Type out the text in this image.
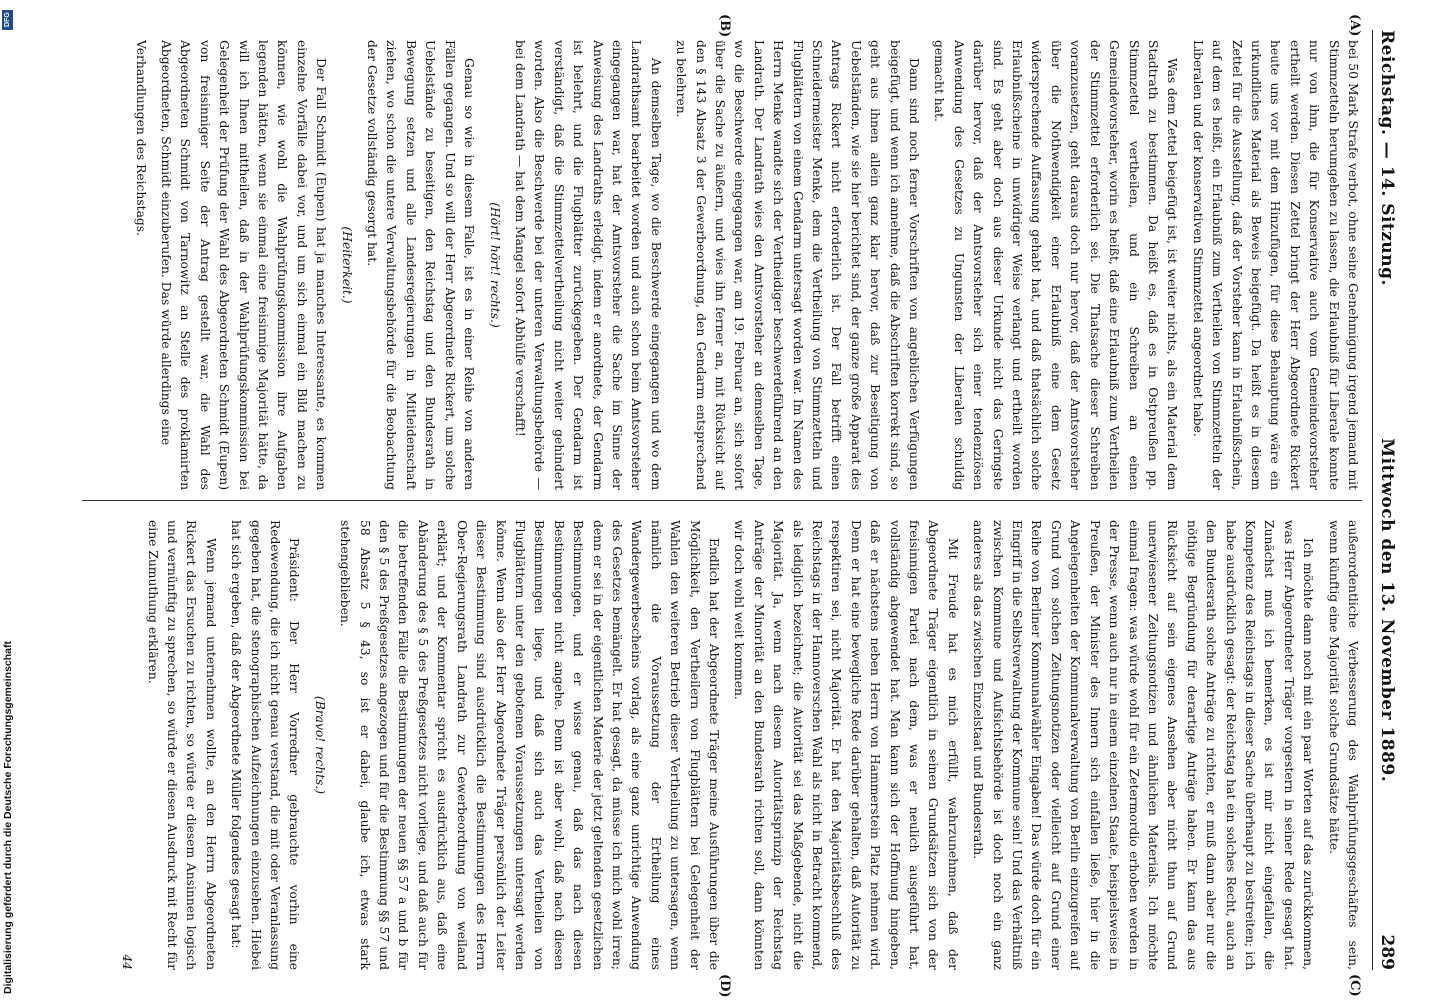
DFG
Digitalisierung gefördert durch die Deutsche Forschungsgemeinschaft
Reichstag. — 14. Sitzung.
Mittwoch den 13. November 1889.
289
(A)
(B)
(C)
(D)

bei 50 Mark Strafe verbot, ohne seine Genehmigung irgend jemand mit Stimmzetteln herumgehen zu lassen, die Erlaubniß für Liberale konnte nur von ihm, die für Konservative auch vom Gemeindevorsteher ertheilt werden. Diesen Zettel bringt der Herr Abgeordnete Rickert heute uns vor mit dem Hinzufügen, für diese Behauptung wäre ein urkundliches Material als Beweis beigefügt. Da heißt es in diesem Zettel für die Ausstellung, daß der Vorsteher kann in Erlaubnißschein, auf dem es heißt, ein Erlaubniß zum Vertheilen von Stimmzetteln der Liberalen und der konservativen Stimmzettel angeordnet habe.

Was dem Zettel beigefügt ist, ist weiter nichts, als ein Material dem Stadtrath zu bestimmen. Da heißt es, daß es in Ostpreußen pp. Stimmzettel vertheilen, und ein Schreiben an einen Gemeindevorsteher, worin es heißt, daß eine Erlaubniß zum Vertheilen der Stimmzettel erforderlich sei. Die Thatsache dieser Schreiben voranzusetzen, geht daraus doch nur hervor, daß der Amtsvorsteher über die Nothwendigkeit einer Erlaubniß eine dem Gesetz widersprechende Auffassung gehabt hat, und daß thatsächlich solche Erlaubnißscheine in unwidriger Weise verlangt und ertheilt worden sind. Es geht aber doch aus dieser Urkunde nicht das Geringste darüber hervor, daß der Amtsvorsteher sich einer tendenziösen Anwendung des Gesetzes zu Ungunsten der Liberalen schuldig gemacht hat.

Dann sind noch ferner Vorschriften von angeblichen Verfügungen beigefügt, und wenn ich annehme, daß die Abschriften korrekt sind, so geht aus ihnen allein ganz klar hervor, daß zur Beseitigung von Uebelständen, wie sie hier berichtet sind, der ganze große Apparat des Antrags Rickert nicht erforderlich ist. Der Fall betrifft einen Schneidermeister Menke, dem die Vertheilung von Stimmzetteln und Flugblättern von einem Gendarm untersagt worden war. Im Namen des Herrn Menke wandte sich der Vertheidiger beschwerdeführend an den Landrath. Der Landrath wies den Amtsvorsteher an demselben Tage, wo die Beschwerde eingegangen war, am 19. Februar an, sich sofort über die Sache zu äußern, und wies ihn ferner an, mit Rücksicht auf den § 143 Absatz 3 der Gewerbeordnung, den Gendarm entsprechend zu belehren.

An demselben Tage, wo die Beschwerde eingegangen und wo dem Landrathsamt bearbeitet worden und auch schon beim Amtsvorsteher eingegangen war, hat der Amtsvorsteher die Sache im Sinne der Anweisung des Landraths erledigt, indem er anordnete, der Gendarm ist belehrt, und die Flugblätter zurückgegeben. Der Gendarm ist verständigt, daß die Stimmzettelvertheilung nicht weiter gehindert worden. Also die Beschwerde bei der unteren Verwaltungsbehörde — bei dem Landrath — hat dem Mangel sofort Abhülfe verschafft!

(Hört! hört! rechts.)

Genau so wie in diesem Falle, ist es in einer Reihe von anderen Fällen gegangen. Und so will der Herr Abgeordnete Rickert, um solche Uebelstände zu beseitigen, den Reichstag und den Bundesrath in Bewegung setzen und alle Landesregierungen in Mitleidenschaft ziehen, wo schon die untere Verwaltungsbehörde für die Beobachtung der Gesetze vollständig gesorgt hat.

(Heiterkeit.)

Der Fall Schmidt (Eupen) hat ja manches Interessante, es kommen einzelne Vorfälle dabei vor, und um sich einmal ein Bild machen zu können, wie wohl die Wahlprüfungskommission ihre Aufgaben legenden hätten, wenn sie einmal eine freisinnige Majorität hätte, da will ich Ihnen mittheilen, daß in der Wahlprüfungskommission bei Gelegenheit der Prüfung der Wahl des Abgeordneten Schmidt (Eupen) von freisinniger Seite der Antrag gestellt war, die Wahl des Abgeordneten Schmidt von Tarnowitz an Stelle des proklamirten Abgeordneten, Schmidt einzuberufen. Das würde allerdings eine

Verhandlungen des Reichstags.

außerordentliche Verbesserung des Wahlprüfungsgeschäftes sein, wenn künftig eine Majorität solche Grundsätze hätte.

Ich möchte dann noch mit ein paar Worten auf das zurückkommen, was Herr Abgeordneter Träger vorgestern in seiner Rede gesagt hat. Zunächst muß ich bemerken, es ist mir nicht eingefallen, die Kompetenz des Reichstags in dieser Sache überhaupt zu bestreiten; ich habe ausdrücklich gesagt: der Reichstag hat ein solches Recht, auch an den Bundesrath solche Anträge zu richten, er muß dann aber nur die nöthige Begründung für derartige Anträge haben. Er kann das aus Rücksicht auf sein eigenes Ansehen aber nicht thun auf Grund unerwiesener Zeitungsnotizen und ähnlichen Materials. Ich möchte einmal fragen: was würde wohl für ein Zetermordio erhoben werden in der Presse, wenn auch nur in einem einzelnen Staate, beispielsweise in Preußen, der Minister des Innern sich einfallen ließe, hier in die Angelegenheiten der Kommunalverwaltung von Berlin einzugreifen auf Grund von solchen Zeitungsnotizen oder vielleicht auf Grund einer Reihe von Berliner Kommunalwähler Eingaben! Das würde doch für ein Eingriff in die Selbstverwaltung der Kommune sein! Und das Verhältniß zwischen Kommune und Aufsichtsbehörde ist doch noch ein ganz anderes als das zwischen Einzelstaat und Bundesrath.

Mit Freude hat es mich erfüllt, wahrzunehmen, daß der Abgeordnete Träger eigentlich in seinen Grundsätzen sich von der freisinnigen Partei nach dem, was er neulich ausgeführt hat, vollständig abgewendet hat. Man kann sich der Hoffnung hingeben, daß er nächstens neben Herrn von Hammerstein Platz nehmen wird. Denn er hat eine bewegliche Rede darüber gehalten, daß Autorität zu respektiren sei, nicht Majorität. Er hat den Majoritätsbeschluß des Reichstags in der Hannoverschen Wahl als nicht in Betracht kommend, als lediglich bezeichnet; die Autorität sei das Maßgebende, nicht die Majorität. Ja, wenn nach diesem Autoritätsprinzip der Reichstag Anträge der Minorität an den Bundesrath richten soll, dann könnten wir doch wohl weit kommen.

Endlich hat der Abgeordnete Träger meine Ausführungen über die Möglichkeit, den Vertheilern von Flugblättern bei Gelegenheit der Wahlen den weiteren Betrieb dieser Vertheilung zu untersagen, wenn nämlich die Voraussetzung der Ertheilung eines Wandergewerbescheins vorlag, als eine ganz unrichtige Anwendung des Gesetzes bemängelt. Er hat gesagt, da müsse ich mich wohl irren; denn er sei in der eigentlichen Materie der jetzt geltenden gesetzlichen Bestimmungen, und er wisse genau, daß das nach diesen Bestimmungen nicht angehe. Denn ist aber wohl, daß nach diesen Bestimmungen liege, und daß sich auch das Vertheilen von Flugblättern unter den gebotenen Voraussetzungen untersagt werden könne. Wenn also der Herr Abgeordnete Träger persönlich der Leiter dieser Bestimmung sind ausdrücklich die Bestimmungen des Herrn Ober-Regierungsrath Landrath zur Gewerbeordnung von weiland erklärt; und der Kommentar spricht es ausdrücklich aus, daß eine Abänderung des § 5 des Preßgesetzes nicht vorliege, und daß auch für die betreffenden Fälle die Bestimmungen der neuen §§ 57 a und b für den § 5 des Preßgesetzes angezogen und für die Bestimmung §§ 57 und 58 Absatz 5 § 43, so ist er dabei, glaube ich, etwas stark stehengeblieben.

(Bravo! rechts.)

Präsident: Der Herr Vorredner gebrauchte vorhin eine Redewendung, die ich nicht genau verstand, die mit oder Veranlassung gegeben hat, die stenographischen Aufzeichnungen einzusehen. Hiebei hat sich ergeben, daß der Abgeordnete Müller folgendes gesagt hat:

Wenn jemand unternehmen wollte, an den Herrn Abgeordneten Rickert das Ersuchen zu richten, so würde er diesem Ansinnen logisch und vernünftig zu sprechen, so würde er diesen Ausdruck mit Recht für eine Zumuthung erklären.

44
